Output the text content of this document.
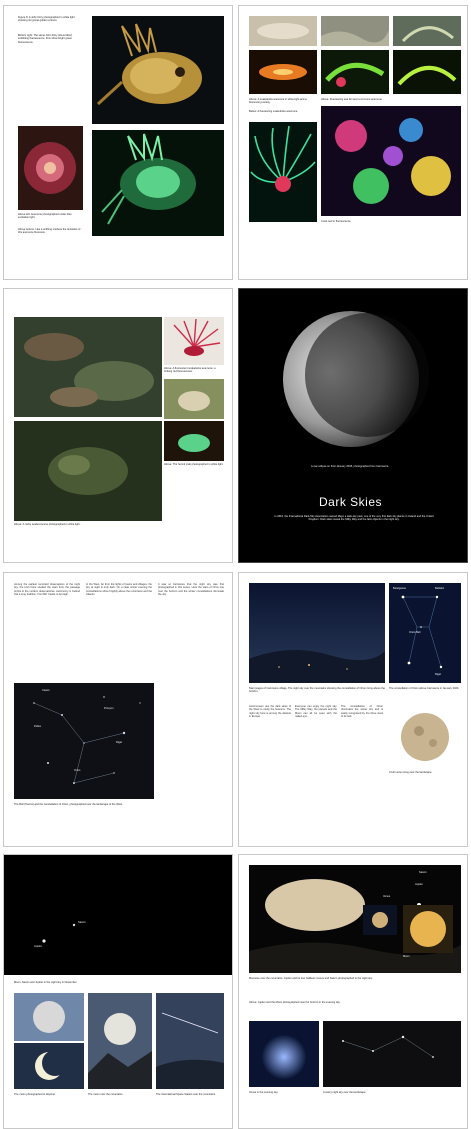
Figure 8. A John Dory photographed in white light showing its typical golden colours.
Bottom right: The same John Dory (Zeus faber) exhibiting fluorescence. Fins show bright green fluorescence.
Above left: Anemone photographed under blue excitation light.
Above bottom: Like a writhing medusa the tentacles of this anemone fluoresce.
Above: A snakelocks anemone in white light and a fluorescing variety.
Above: Fluorescing sea fan and a common anemone.
Below: A fluorescing snakelocks anemone.
Coral reef in fluorescence.
Above: A fluorescent snakelocks anemone, a striking red fluorescence.
Above: The hermit crab photographed in white light.
Above: A rocky seabed scene photographed in white light.
Lunar eclipse on 31st January 2018, photographed from Carrowore.
Dark Skies
In 2016, the International Dark-Sky Association named Mayo a dark-sky park, one of the very first dark sky places in Ireland and the United Kingdom. Dark skies reveal the Milky Way and the faint objects in the night sky.
Among the earliest recorded observations of the night sky, the Irish have studied the stars from the passage tombs to the modern observatories. Astronomy in Ireland has a long tradition, from Birr Castle to Armagh.
In the West, far from the lights of towns and villages, the sky at night is truly dark. On a clear winter evening the constellations shine brightly above the mountains and the Atlantic.
It was at Carrowore that the night sky was first photographed in this series. Here the stars of Orion rise over the horizon and the winter constellations dominate the sky.
Castor
Pollux
Procyon
Rigel
Orion
The Bull (Taurus) and the constellation of Orion, photographed over the landscape of the West.
Betelgeuse	Bellatrix
Orion Belt
Rigel
Star images of Carrowore village. The night sky over the mountains showing the constellation of Orion rising above the horizon.
Astronomers use the dark skies of the West to study the heavens. The night sky here is among the darkest in Europe.
Everyone can enjoy the night sky. The Milky Way, the planets and the Moon can all be seen with the naked eye.
The constellation of Orion dominates the winter sky and is easily recognised by the three stars of its belt.
The constellation of Orion above Carrowore in January 2020.
A full moon rising over the landscape.
Saturn
Jupiter
Moon, Saturn and Jupiter in the night sky in December.
The moon photographed in daytime.	The moon over the mountains.	The International Space Station over the mountains.
Saturn
Jupiter
Venus
Moon
Moonrise over the mountains. Jupiter and its four Galilean moons and Saturn photographed in the night sky.
Above: Jupiter and the Moon photographed near the horizon in the evening sky.
Venus in the evening sky.	A starry night sky over the landscape.
